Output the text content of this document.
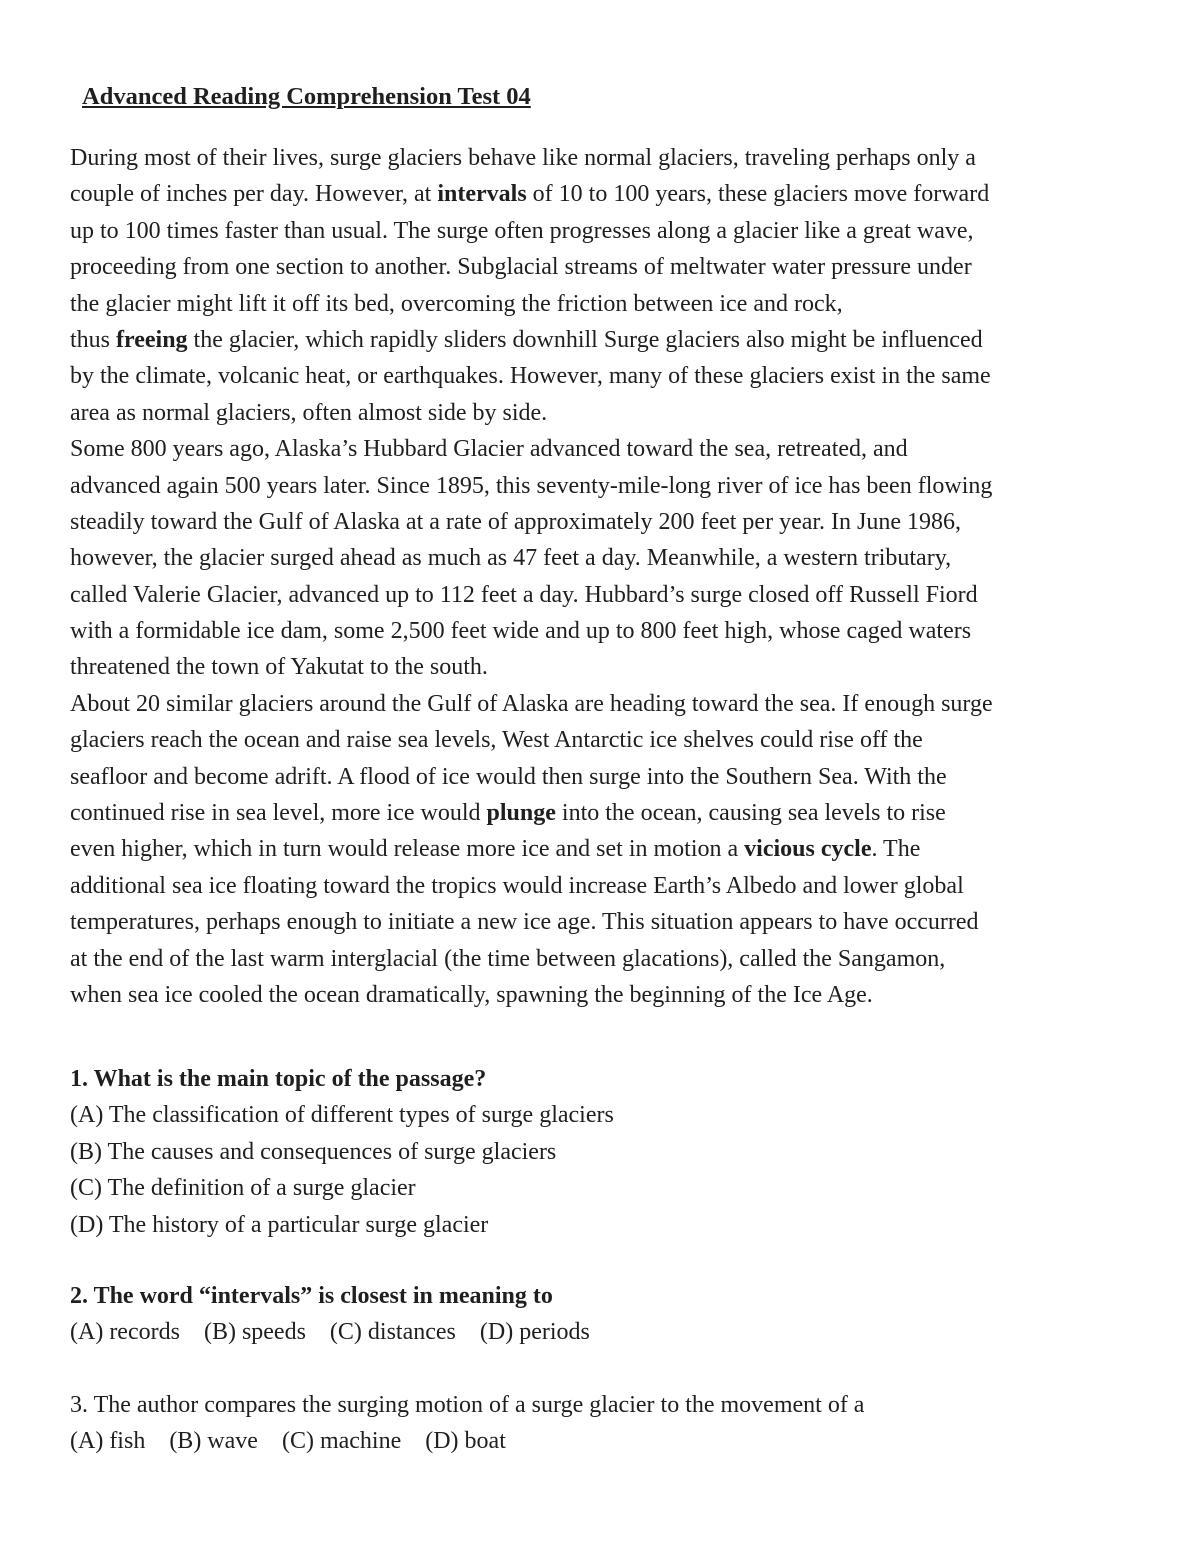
Advanced Reading Comprehension Test 04
During most of their lives, surge glaciers behave like normal glaciers, traveling perhaps only a
couple of inches per day. However, at intervals of 10 to 100 years, these glaciers move forward
up to 100 times faster than usual. The surge often progresses along a glacier like a great wave,
proceeding from one section to another. Subglacial streams of meltwater water pressure under
the glacier might lift it off its bed, overcoming the friction between ice and rock,
thus freeing the glacier, which rapidly sliders downhill Surge glaciers also might be influenced
by the climate, volcanic heat, or earthquakes. However, many of these glaciers exist in the same
area as normal glaciers, often almost side by side.
Some 800 years ago, Alaska’s Hubbard Glacier advanced toward the sea, retreated, and
advanced again 500 years later. Since 1895, this seventy-mile-long river of ice has been flowing
steadily toward the Gulf of Alaska at a rate of approximately 200 feet per year. In June 1986,
however, the glacier surged ahead as much as 47 feet a day. Meanwhile, a western tributary,
called Valerie Glacier, advanced up to 112 feet a day. Hubbard’s surge closed off Russell Fiord
with a formidable ice dam, some 2,500 feet wide and up to 800 feet high, whose caged waters
threatened the town of Yakutat to the south.
About 20 similar glaciers around the Gulf of Alaska are heading toward the sea. If enough surge
glaciers reach the ocean and raise sea levels, West Antarctic ice shelves could rise off the
seafloor and become adrift. A flood of ice would then surge into the Southern Sea. With the
continued rise in sea level, more ice would plunge into the ocean, causing sea levels to rise
even higher, which in turn would release more ice and set in motion a vicious cycle. The
additional sea ice floating toward the tropics would increase Earth’s Albedo and lower global
temperatures, perhaps enough to initiate a new ice age. This situation appears to have occurred
at the end of the last warm interglacial (the time between glacations), called the Sangamon,
when sea ice cooled the ocean dramatically, spawning the beginning of the Ice Age.
1. What is the main topic of the passage?
(A) The classification of different types of surge glaciers
(B) The causes and consequences of surge glaciers
(C) The definition of a surge glacier
(D) The history of a particular surge glacier
2. The word “intervals” is closest in meaning to
(A) records    (B) speeds    (C) distances    (D) periods
3. The author compares the surging motion of a surge glacier to the movement of a
(A) fish    (B) wave    (C) machine    (D) boat
